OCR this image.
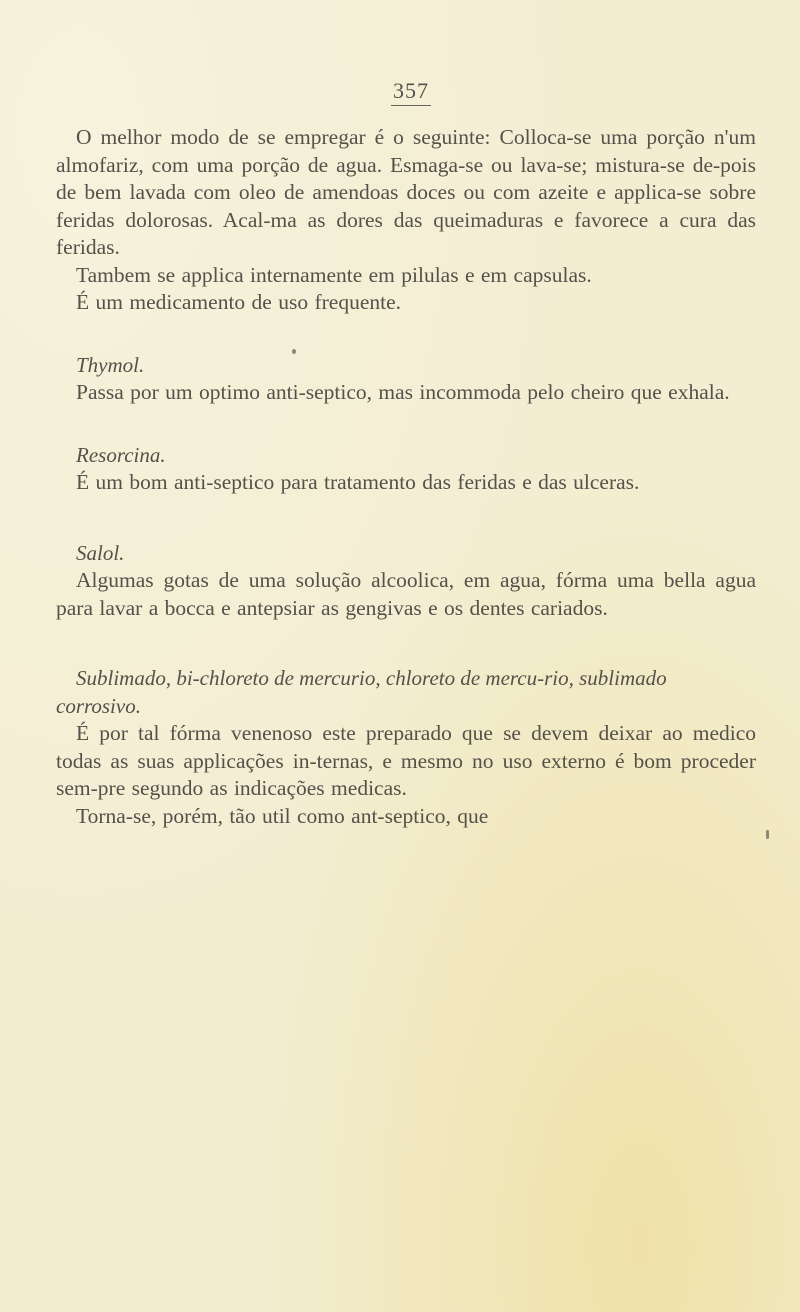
357

O melhor modo de se empregar é o seguinte: Colloca-se uma porção n'um almofariz, com uma porção de agua. Esmaga-se ou lava-se; mistura-se de-pois de bem lavada com oleo de amendoas doces ou com azeite e applica-se sobre feridas dolorosas. Acal-ma as dores das queimaduras e favorece a cura das feridas.

Tambem se applica internamente em pilulas e em capsulas.

É um medicamento de uso frequente.

Thymol.

Passa por um optimo anti-septico, mas incommoda pelo cheiro que exhala.

Resorcina.

É um bom anti-septico para tratamento das feridas e das ulceras.

Salol.

Algumas gotas de uma solução alcoolica, em agua, fórma uma bella agua para lavar a bocca e antepsiar as gengivas e os dentes cariados.

Sublimado, bi-chloreto de mercurio, chloreto de mercu-rio, sublimado corrosivo.

É por tal fórma venenoso este preparado que se devem deixar ao medico todas as suas applicações in-ternas, e mesmo no uso externo é bom proceder sem-pre segundo as indicações medicas.

Torna-se, porém, tão util como ant-septico, que
